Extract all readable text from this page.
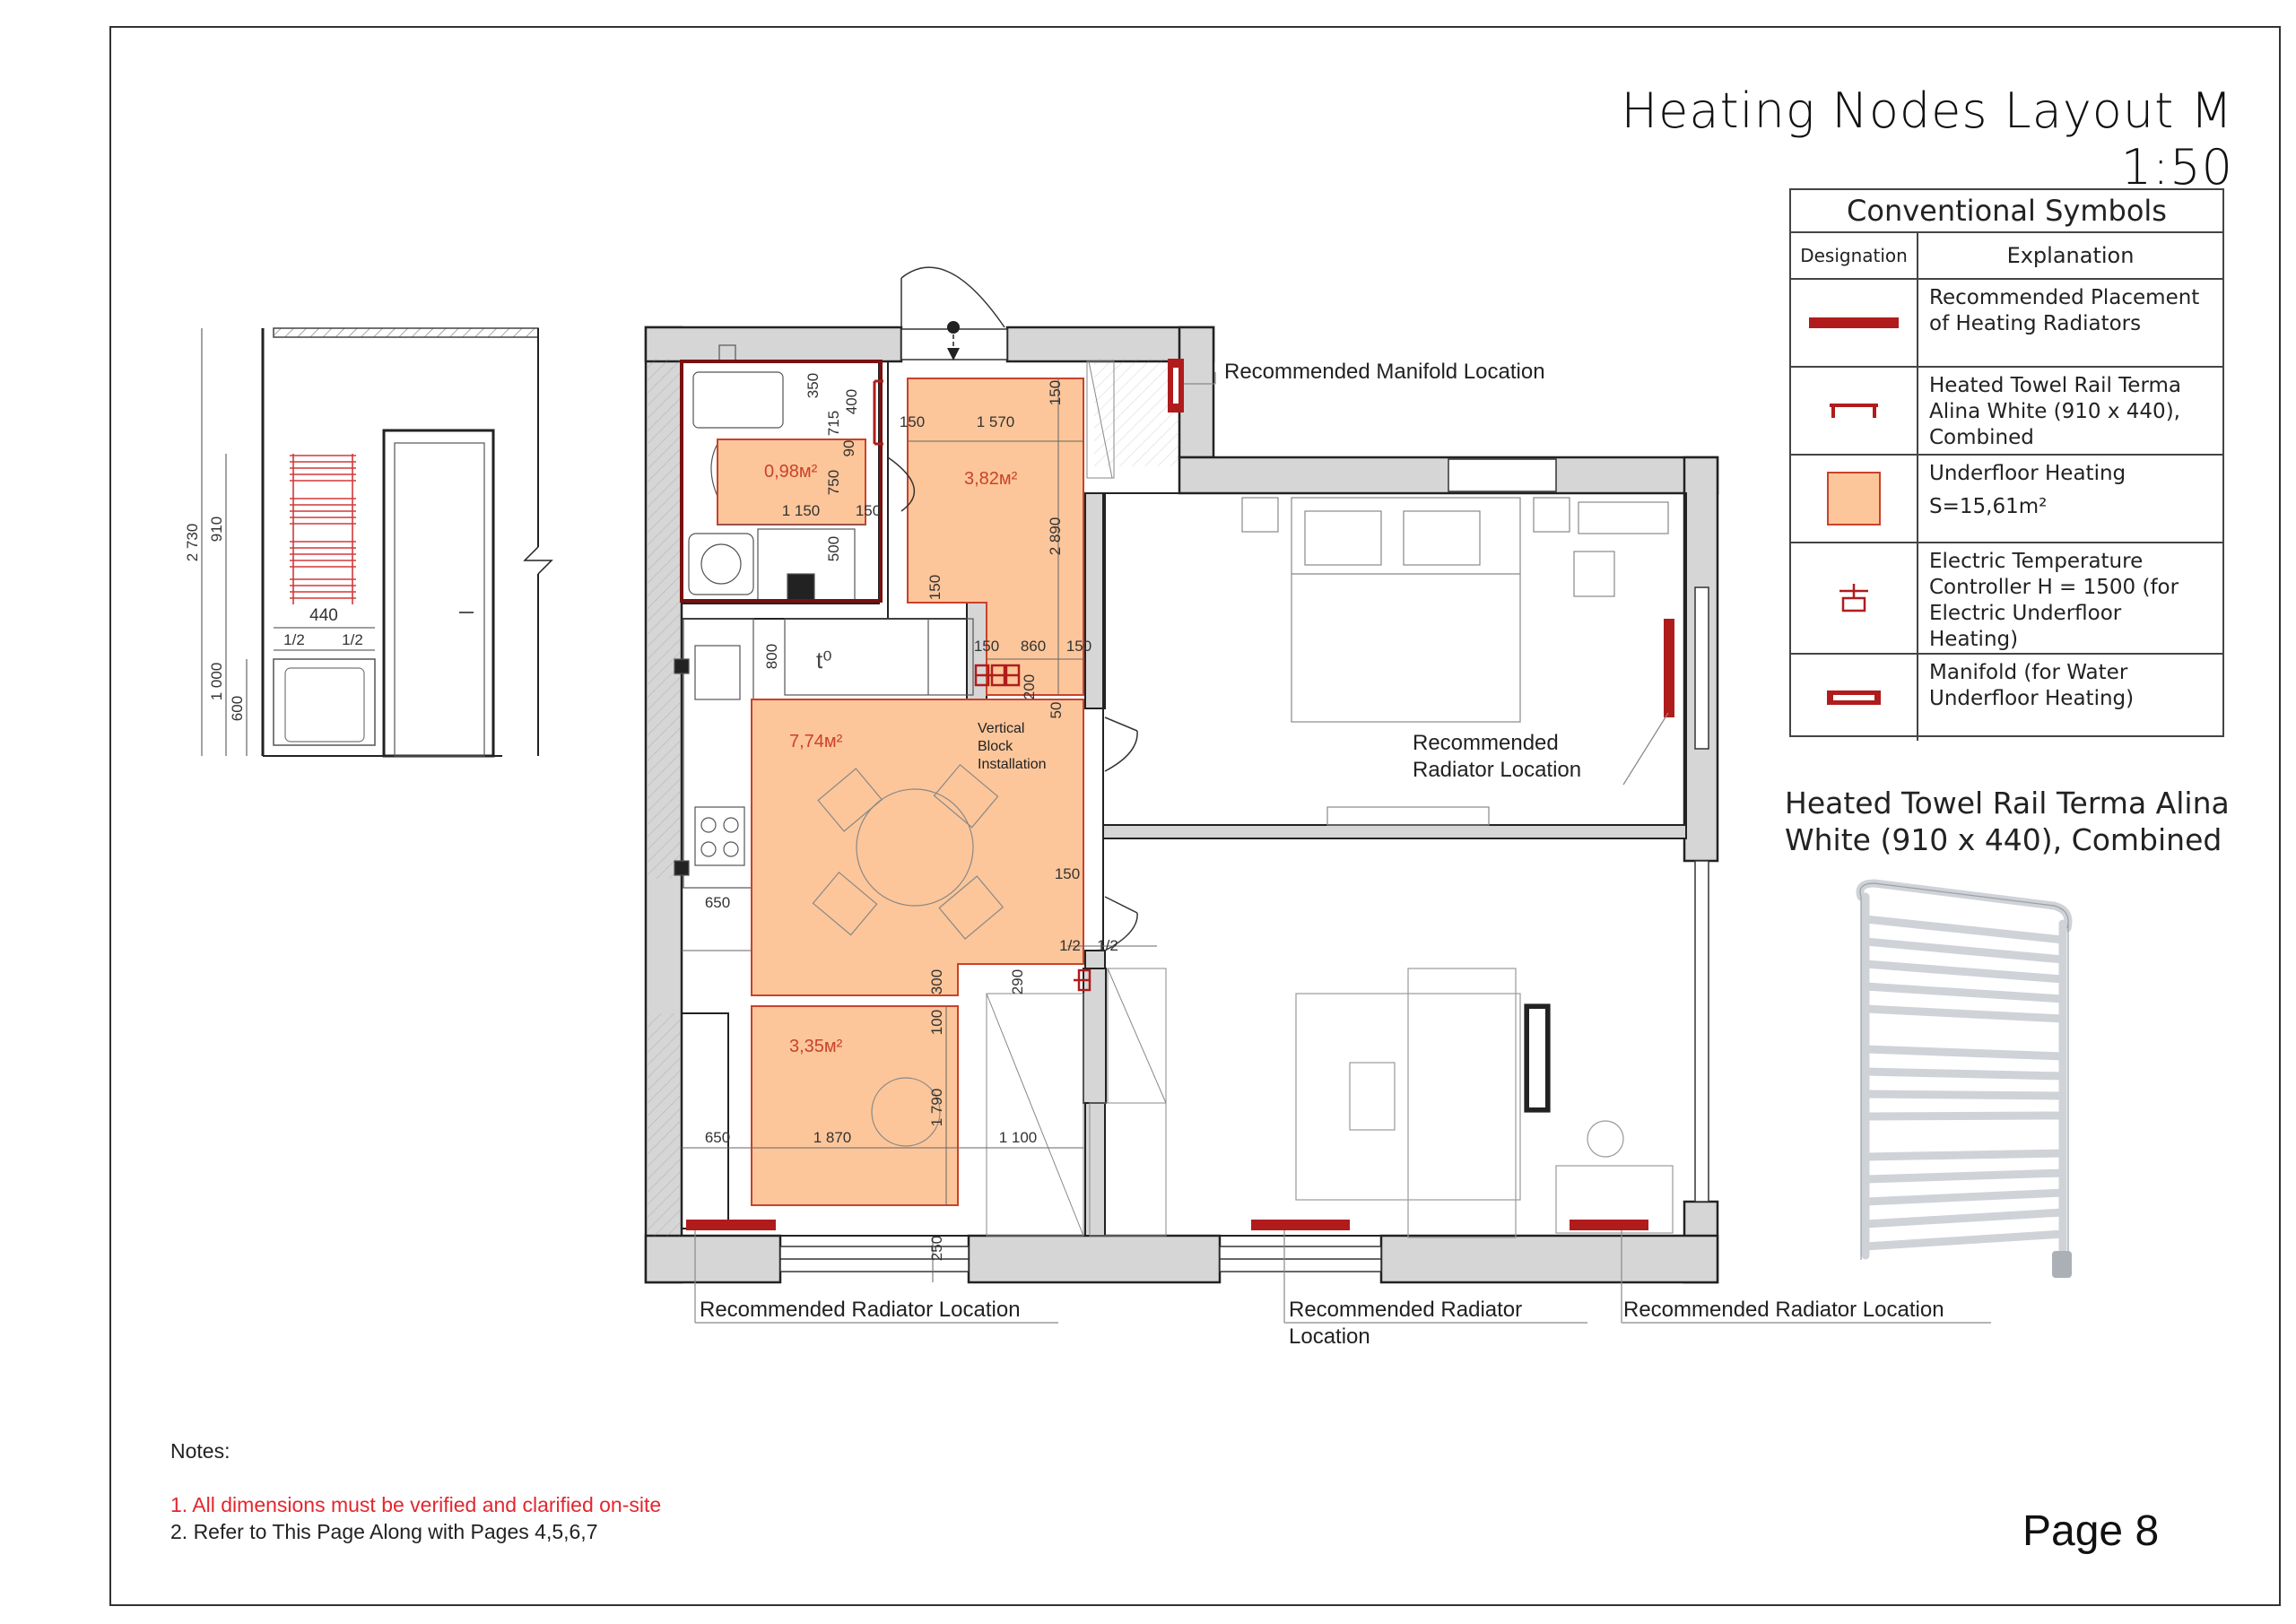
2 730 910
1 000
600
440
1/2 1/2
0,98м²	3,82м²
7,74м²
3,35м²
350
400
715
90
750
1 150 150
500
150	1 570
150
2 890
150
150 860 150
200
50
800
650
150
1/2 1/2
300	290
100
1 790
650	1 870	1 100
250
Recommended Manifold Location
Recommended
Radiator Location
Recommended Radiator Location	Recommended Radiator
Location
Recommended Radiator Location
Vertical
Block
Installation
t⁰
Heating Nodes Layout M 1:50
Conventional Symbols
Designation	Explanation
Recommended Placement of Heating Radiators
Heated Towel Rail Terma Alina White (910 x 440), Combined
Underfloor Heating
S=15,61m²
Electric Temperature Controller H = 1500 (for Electric Underfloor Heating)
Manifold (for Water Underfloor Heating)
Heated Towel Rail Terma Alina
White (910 x 440), Combined
Notes:
1. All dimensions must be verified and clarified on-site
2. Refer to This Page Along with Pages 4,5,6,7	Page 8
